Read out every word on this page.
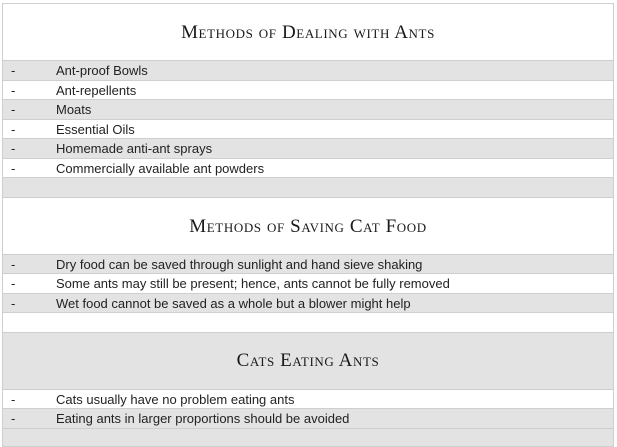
Methods of Dealing with Ants
-	Ant-proof Bowls
-	Ant-repellents
-	Moats
-	Essential Oils
-	Homemade anti-ant sprays
-	Commercially available ant powders
Methods of Saving Cat Food
-	Dry food can be saved through sunlight and hand sieve shaking
-	Some ants may still be present; hence, ants cannot be fully removed
-	Wet food cannot be saved as a whole but a blower might help
Cats Eating Ants
-	Cats usually have no problem eating ants
-	Eating ants in larger proportions should be avoided
